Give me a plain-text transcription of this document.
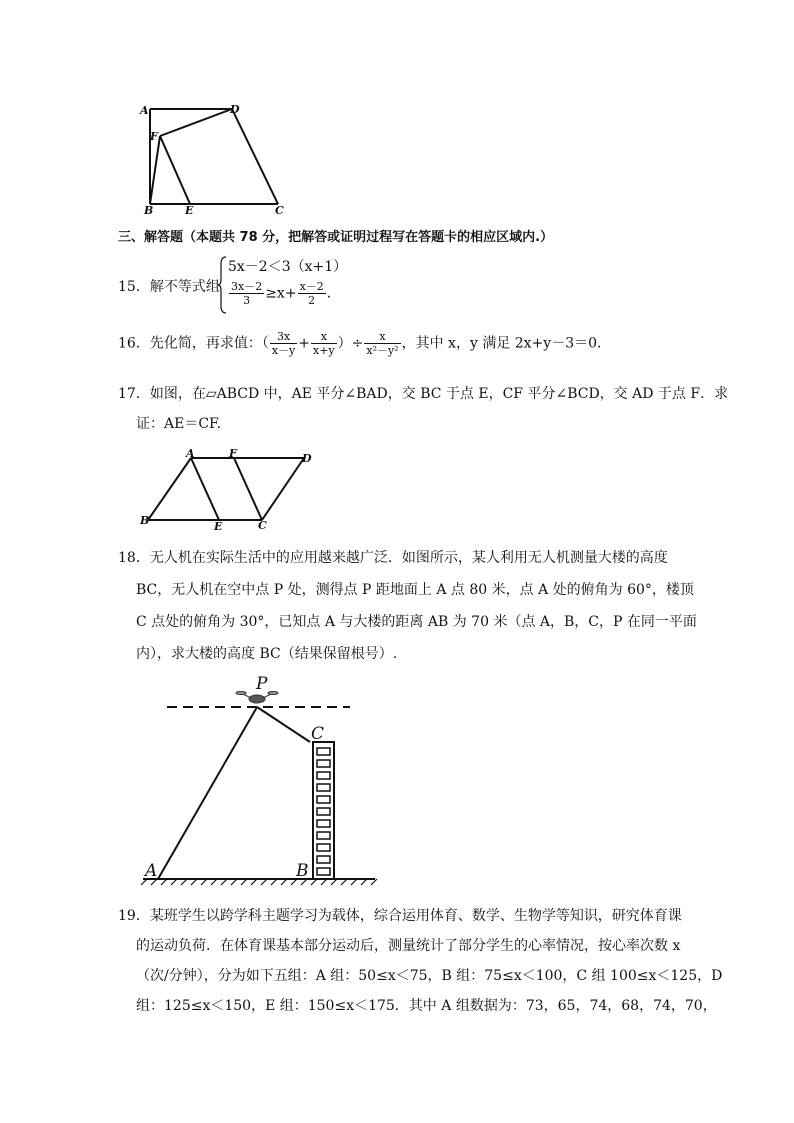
A	D
F
B	E	C
三、解答题（本题共 78 分，把解答或证明过程写在答题卡的相应区域内.）
15．解不等式组
5x－2＜3（x+1）
$\frac{3x-2}{3} \ge x+ \frac{x-2}{2}$ ．
16．先化简，再求值：（ $\frac{3x}{x-y} + \frac{x}{x+y}$ ）÷ $\frac{x}{\text{x²－y²}}$ ，其中 x，y 满足 2x+y－3＝0.
17．如图，在▱ABCD 中，AE 平分∠BAD，交 BC 于点 E，CF 平分∠BCD，交 AD 于点 F．求
证：AE＝CF.
A	F	D
B	E	C
18．无人机在实际生活中的应用越来越广泛．如图所示，某人利用无人机测量大楼的高度
BC，无人机在空中点 P 处，测得点 P 距地面上 A 点 80 米，点 A 处的俯角为 60°，楼顶
C 点处的俯角为 30°，已知点 A 与大楼的距离 AB 为 70 米（点 A，B，C，P 在同一平面
内），求大楼的高度 BC（结果保留根号）.
P
C
A	B
19．某班学生以跨学科主题学习为载体，综合运用体育、数学、生物学等知识，研究体育课
的运动负荷．在体育课基本部分运动后，测量统计了部分学生的心率情况，按心率次数 x
（次/分钟），分为如下五组：A 组：50≤x＜75，B 组：75≤x＜100，C 组 100≤x＜125，D
组：125≤x＜150，E 组：150≤x＜175．其中 A 组数据为：73，65，74，68，74，70，
